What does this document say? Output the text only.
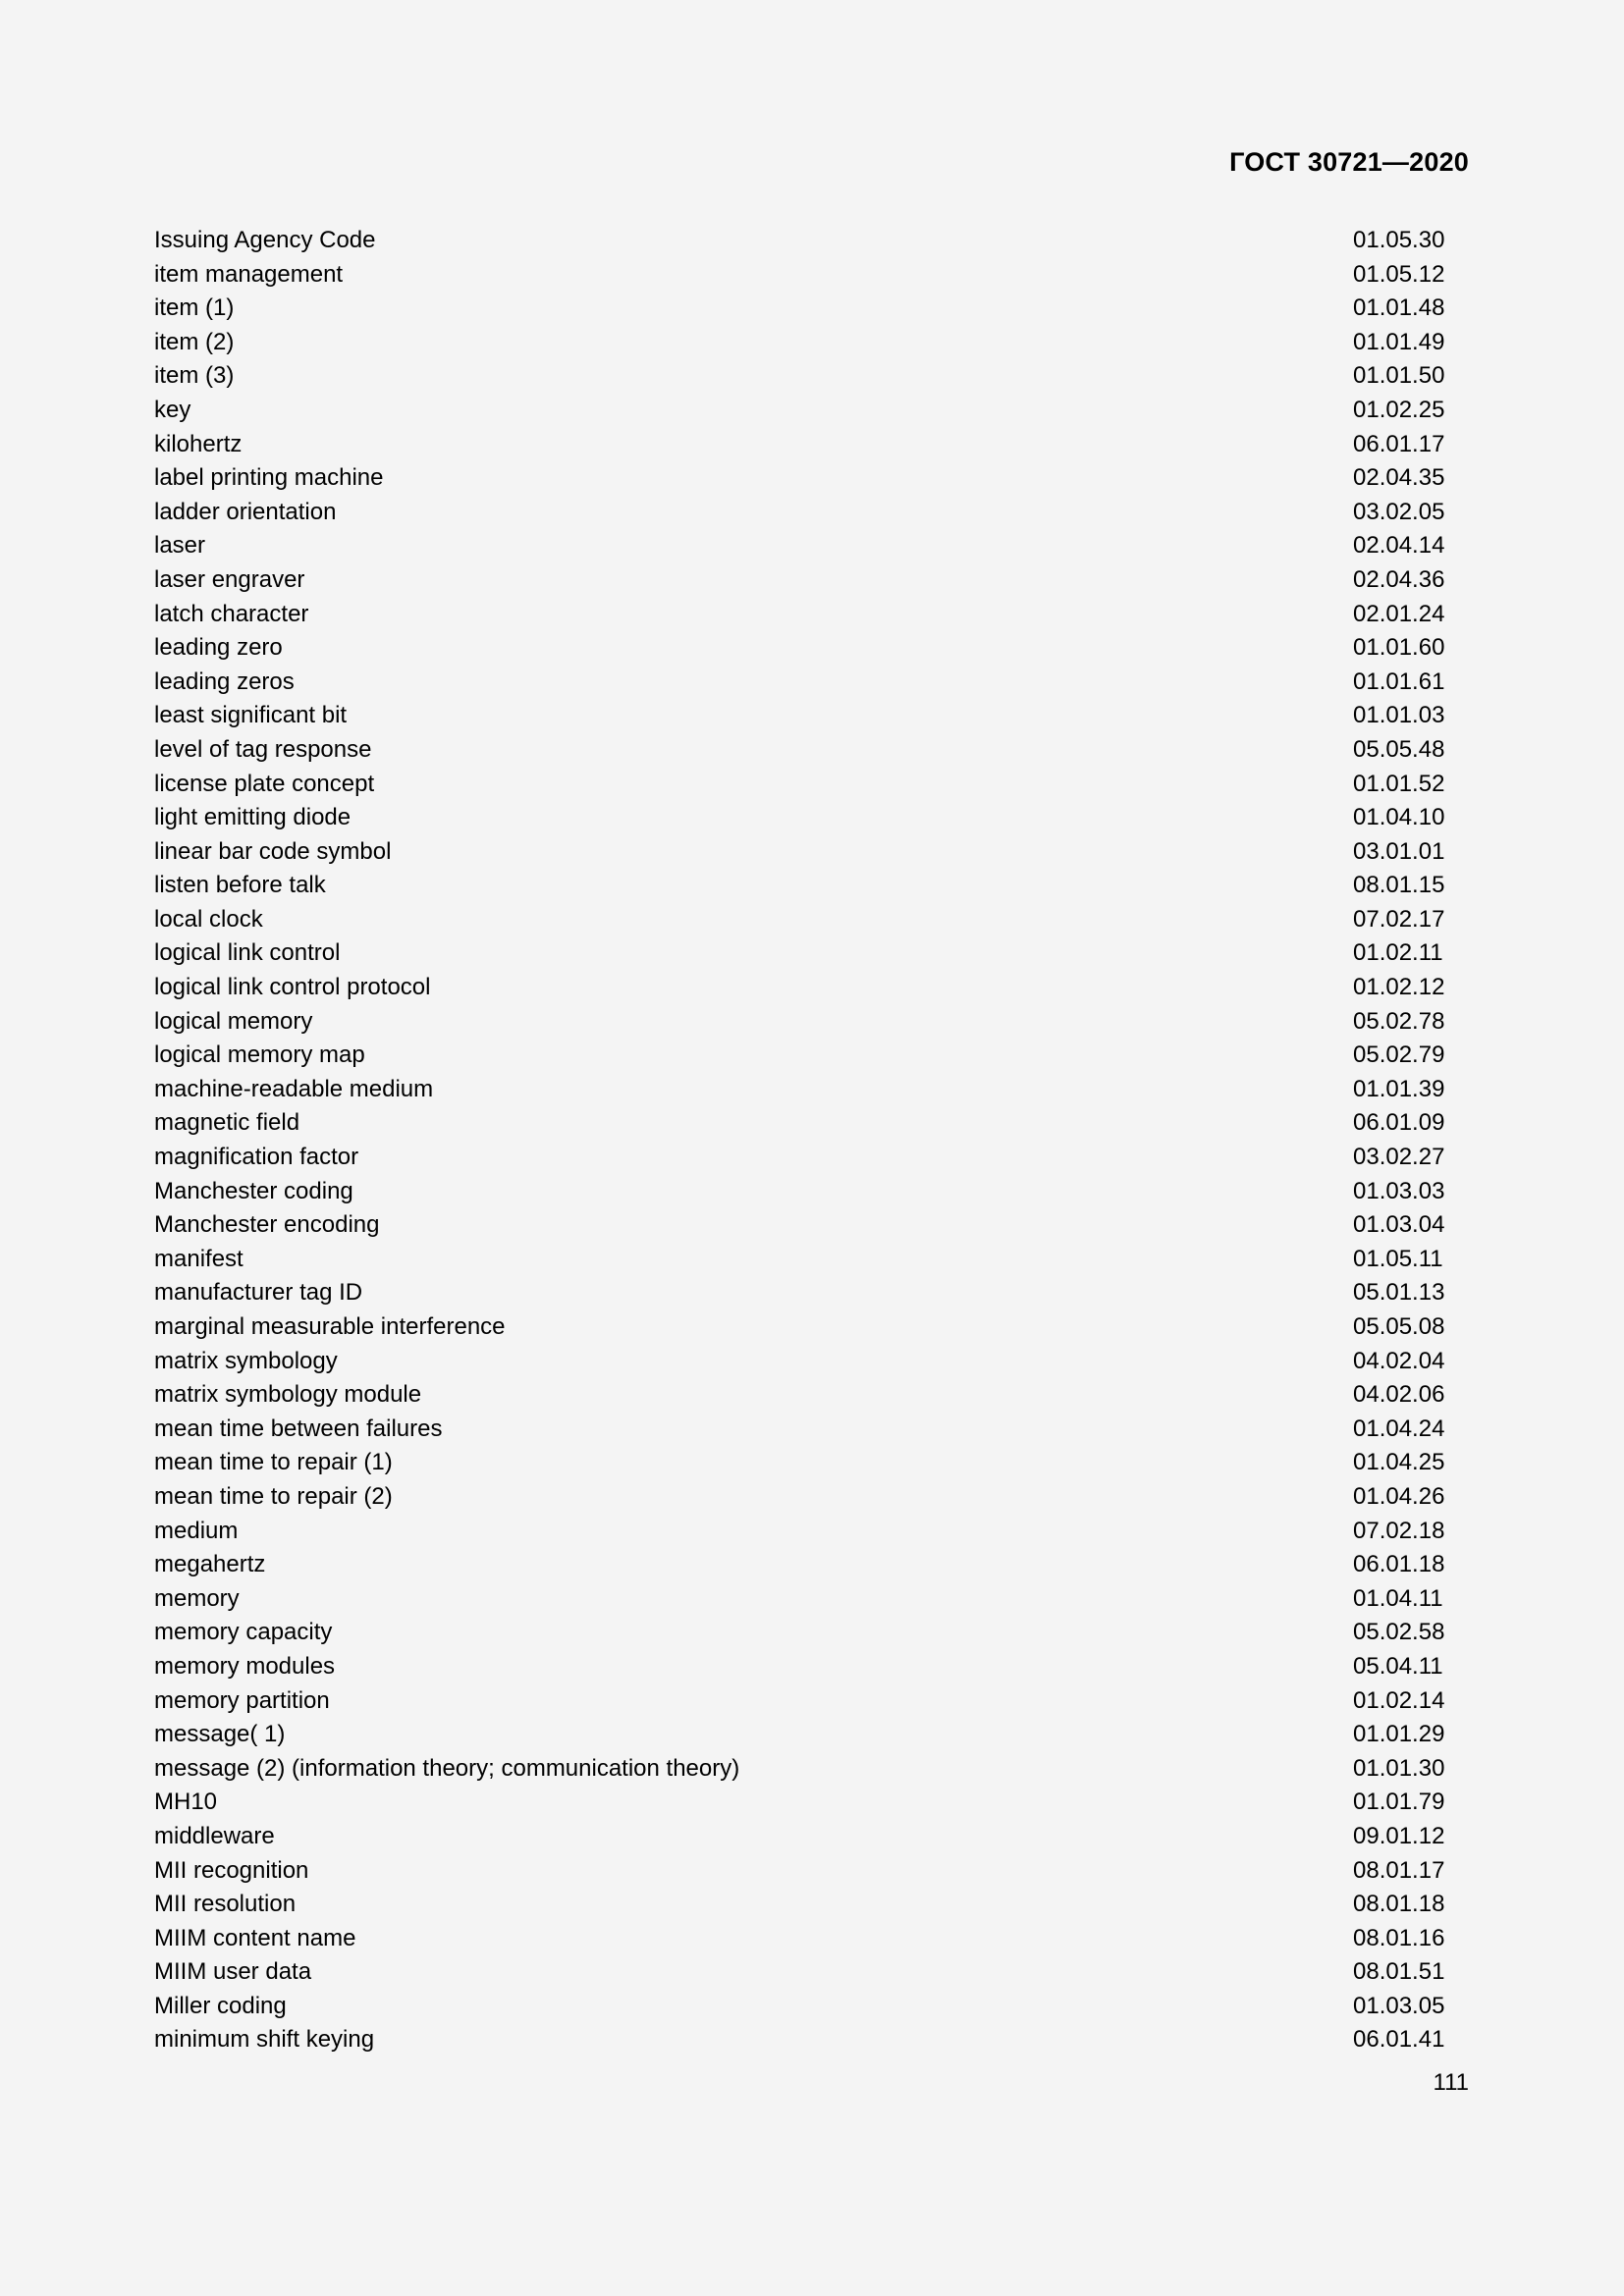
ГОСТ 30721—2020
Issuing Agency Code	01.05.30
item management	01.05.12
item (1)	01.01.48
item (2)	01.01.49
item (3)	01.01.50
key	01.02.25
kilohertz	06.01.17
label printing machine	02.04.35
ladder orientation	03.02.05
laser	02.04.14
laser engraver	02.04.36
latch character	02.01.24
leading zero	01.01.60
leading zeros	01.01.61
least significant bit	01.01.03
level of tag response	05.05.48
license plate concept	01.01.52
light emitting diode	01.04.10
linear bar code symbol	03.01.01
listen before talk	08.01.15
local clock	07.02.17
logical link control	01.02.11
logical link control protocol	01.02.12
logical memory	05.02.78
logical memory map	05.02.79
machine-readable medium	01.01.39
magnetic field	06.01.09
magnification factor	03.02.27
Manchester coding	01.03.03
Manchester encoding	01.03.04
manifest	01.05.11
manufacturer tag ID	05.01.13
marginal measurable interference	05.05.08
matrix symbology	04.02.04
matrix symbology module	04.02.06
mean time between failures	01.04.24
mean time to repair (1)	01.04.25
mean time to repair (2)	01.04.26
medium	07.02.18
megahertz	06.01.18
memory	01.04.11
memory capacity	05.02.58
memory modules	05.04.11
memory partition	01.02.14
message( 1)	01.01.29
message (2) (information theory; communication theory)	01.01.30
MH10	01.01.79
middleware	09.01.12
MII recognition	08.01.17
MII resolution	08.01.18
MIIM content name	08.01.16
MIIM user data	08.01.51
Miller coding	01.03.05
minimum shift keying	06.01.41
111
